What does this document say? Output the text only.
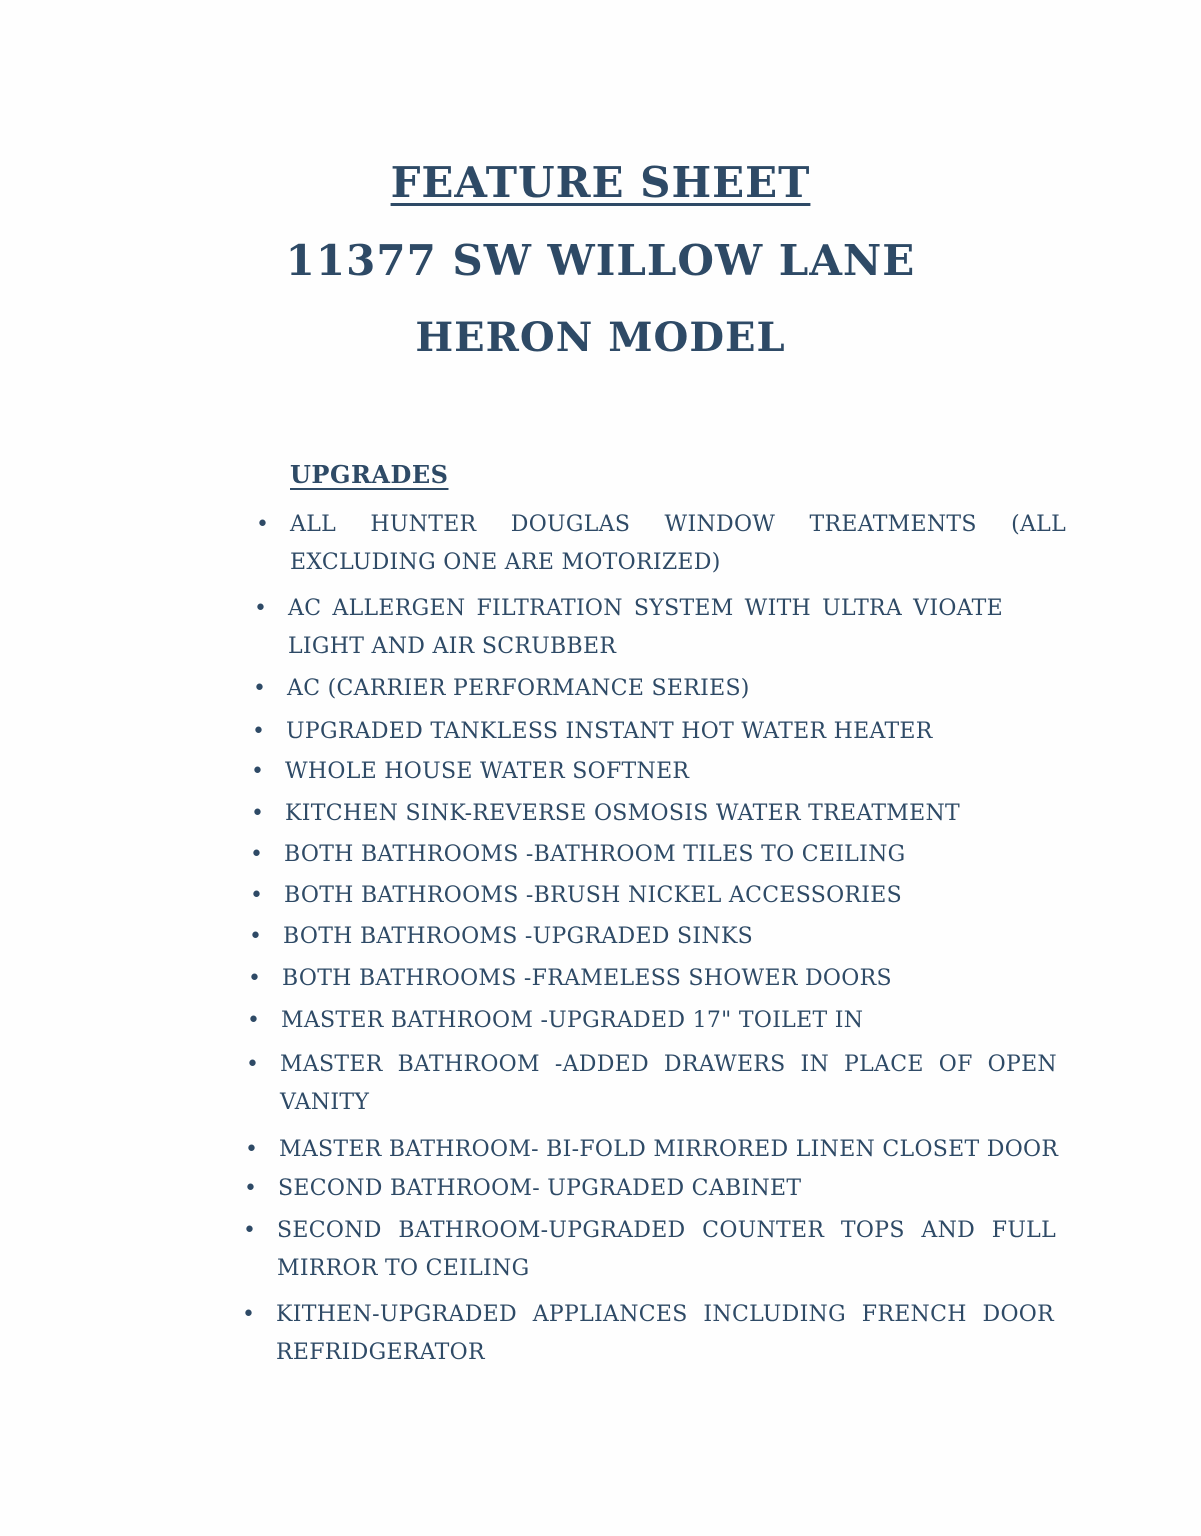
FEATURE SHEET
11377 SW WILLOW LANE
HERON MODEL
UPGRADES
• ALL HUNTER DOUGLAS WINDOW TREATMENTS (ALL EXCLUDING ONE ARE MOTORIZED)
• AC ALLERGEN FILTRATION SYSTEM WITH ULTRA VIOATE LIGHT AND AIR SCRUBBER
• AC (CARRIER PERFORMANCE SERIES)
• UPGRADED TANKLESS INSTANT HOT WATER HEATER
• WHOLE HOUSE WATER SOFTNER
• KITCHEN SINK-REVERSE OSMOSIS WATER TREATMENT
• BOTH BATHROOMS -BATHROOM TILES TO CEILING
• BOTH BATHROOMS -BRUSH NICKEL ACCESSORIES
• BOTH BATHROOMS -UPGRADED SINKS
• BOTH BATHROOMS -FRAMELESS SHOWER DOORS
• MASTER BATHROOM -UPGRADED 17" TOILET IN
• MASTER BATHROOM -ADDED DRAWERS IN PLACE OF OPEN VANITY
• MASTER BATHROOM- BI-FOLD MIRRORED LINEN CLOSET DOOR
• SECOND BATHROOM- UPGRADED CABINET
• SECOND BATHROOM-UPGRADED COUNTER TOPS AND FULL MIRROR TO CEILING
• KITHEN-UPGRADED APPLIANCES INCLUDING FRENCH DOOR REFRIDGERATOR
